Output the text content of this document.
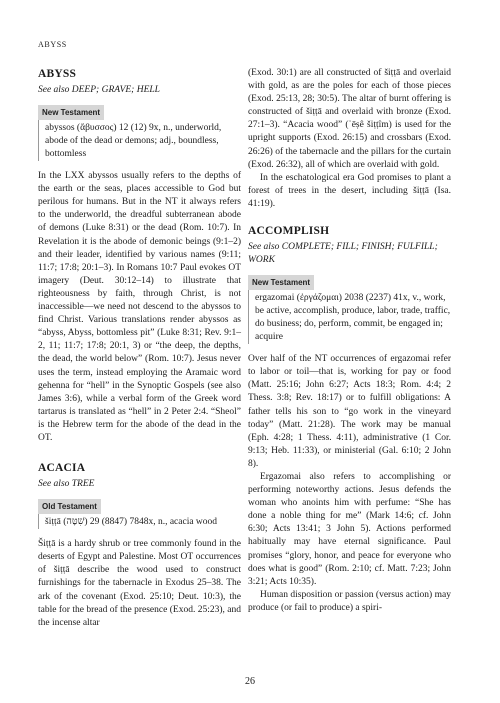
ABYSS
ABYSS
See also DEEP; GRAVE; HELL
New Testament
abyssos (ἄβυσσος) 12 (12) 9x, n., underworld, abode of the dead or demons; adj., boundless, bottomless

In the LXX abyssos usually refers to the depths of the earth or the seas, places accessible to God but perilous for humans. But in the NT it always refers to the underworld, the dreadful subterranean abode of demons (Luke 8:31) or the dead (Rom. 10:7). In Revelation it is the abode of demonic beings (9:1–2) and their leader, identified by various names (9:11; 11:7; 17:8; 20:1–3). In Romans 10:7 Paul evokes OT imagery (Deut. 30:12–14) to illustrate that righteousness by faith, through Christ, is not inaccessible—we need not descend to the abyssos to find Christ. Various translations render abyssos as “abyss, Abyss, bottomless pit” (Luke 8:31; Rev. 9:1–2, 11; 11:7; 17:8; 20:1, 3) or “the deep, the depths, the dead, the world below” (Rom. 10:7). Jesus never uses the term, instead employing the Aramaic word gehenna for “hell” in the Synoptic Gospels (see also James 3:6), while a verbal form of the Greek word tartarus is translated as “hell” in 2 Peter 2:4. “Sheol” is the Hebrew term for the abode of the dead in the OT.

ACACIA
See also TREE
Old Testament
šiṭṭā (שִׁטָּה) 7848 (8847) 29x, n., acacia wood

Šiṭṭā is a hardy shrub or tree commonly found in the deserts of Egypt and Palestine. Most OT occurrences of šiṭṭā describe the wood used to construct furnishings for the tabernacle in Exodus 25–38. The ark of the covenant (Exod. 25:10; Deut. 10:3), the table for the bread of the presence (Exod. 25:23), and the incense altar

(Exod. 30:1) are all constructed of šiṭṭā and overlaid with gold, as are the poles for each of those pieces (Exod. 25:13, 28; 30:5). The altar of burnt offering is constructed of šiṭṭā and overlaid with bronze (Exod. 27:1–3). “Acacia wood” (ʿēṣê šiṭṭîm) is used for the upright supports (Exod. 26:15) and crossbars (Exod. 26:26) of the tabernacle and the pillars for the curtain (Exod. 26:32), all of which are overlaid with gold.

In the eschatological era God promises to plant a forest of trees in the desert, including šiṭṭā (Isa. 41:19).

ACCOMPLISH
See also COMPLETE; FILL; FINISH; FULFILL; WORK
New Testament
ergazomai (ἐργάζομαι) 2038 (2237) 41x, v., work, be active, accomplish, produce, labor, trade, traffic, do business; do, perform, commit, be engaged in; acquire

Over half of the NT occurrences of ergazomai refer to labor or toil—that is, working for pay or food (Matt. 25:16; John 6:27; Acts 18:3; Rom. 4:4; 2 Thess. 3:8; Rev. 18:17) or to fulfill obligations: A father tells his son to “go work in the vineyard today” (Matt. 21:28). The work may be manual (Eph. 4:28; 1 Thess. 4:11), administrative (1 Cor. 9:13; Heb. 11:33), or ministerial (Gal. 6:10; 2 John 8).

Ergazomai also refers to accomplishing or performing noteworthy actions. Jesus defends the woman who anoints him with perfume: “She has done a noble thing for me” (Mark 14:6; cf. John 6:30; Acts 13:41; 3 John 5). Actions performed habitually may have eternal significance. Paul promises “glory, honor, and peace for everyone who does what is good” (Rom. 2:10; cf. Matt. 7:23; John 3:21; Acts 10:35).

Human disposition or passion (versus action) may produce (or fail to produce) a spiri-

26
